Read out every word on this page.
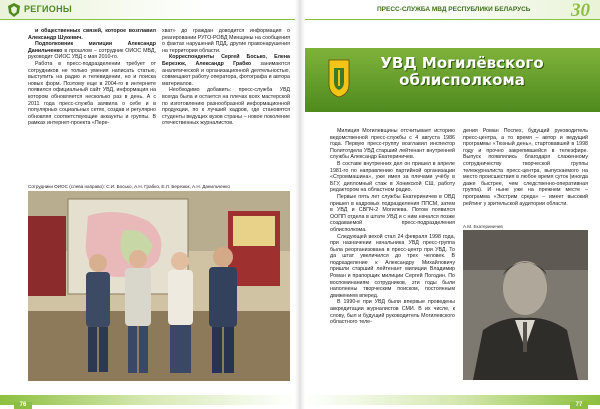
РЕГИОНЫ

и общественных связей, которое возглавил Александр Шукевич.

Подполковник милиции Александр Данильченко в прошлом – сотрудник ОИОС МВД, руководит ОИОС УВД с мая 2010-го.

Работа в пресс-подразделении требует от сотрудников не только умения написать статью, выступить на радио и телевидении, но и поиска новых форм. Поэтому еще в 2004-го в интернете появился официальный сайт УВД, информация на котором обновляется несколько раз в день. А с 2011 года пресс-служба заявила о себе и в популярных социальных сетях, создав и регулярно обновляя соответствующие аккаунты и группы. В рамках интернет-проекта «Пере-

хват» до граждан доводится информация о реагировании РУГО-РОВД Минщины на сообщения о фактах нарушений ПДД, другие правонарушения на территории области.

Корреспонденты Сергей Босько, Елена Березюк, Александр Грабко занимаются аналитической и организационной деятельностью, совмещают работу оператора, фотографа и автора материалов.

Необходимо добавить: пресс-служба УВД всегда была и остается на плечах всех мастерской по изготовлению разнообразной информационной продукции, по к лучший кадров, где становятся студенты ведущих вузов страны – новое поколение отечественных журналистов.

Сотрудники ОИОС (слева направо): С.И. Босько, А.Н. Грабко, Е.Л. Березюк, А.Н. Данильченко
76
ПРЕСС-СЛУЖБА МВД РЕСПУБЛИКИ БЕЛАРУСЬ 30
УВД Могилёвского
облисполкома

Милиция Могилевщины отсчитывает историю ведомственной пресс-службы с 4 августа 1986 года. Первую пресс-группу возглавил инспектор Политотдела УВД старший лейтенант внутренней службы Александр Екатериничев.

В составе внутренних дел он пришел в апреле 1981-го по направлению партийной организации «Строммашина», уже имея за плечами учёбу в БГУ, дипломный стаж в Хоникской СШ, работу редактором на областном радио.

Первые пять лет службы Екатериничев в ОВД пришел в кадровых подразделения ППСМ, затем в УВД и СВПЧ-2 Могилева. Потом появился ООПП отдела в штате УВД и с ним начался позже создаваемой пресс-подразделения облисполкома.

Следующей вехой стал 24 февраля 1998 года, при назначении начальника УВД пресс-группа была реорганизована в пресс-центр при УВД. То да штат увеличился до трех человек. В подразделение к Александру Михайловичу пришли старший лейтенант милиции Владимир Роман и прапорщик милиции Сергей Погодин. По воспоминаниям сотрудников, эти годы были наполнены творческим поиском, постоянным движением вперед.

В 1990-е при УВД были впервые проведены аккредитации журналистов СМИ. В их числе, к слову, был и будущий руководитель Могилевского областного теле-

дения Роман Поспех, будущий руководитель пресс-центра, а то время – автор и ведущий программы «Тюзный день», стартовавшей в 1998 году и прочно закрепившейся в телеэфире. Выпуск появлялись благодаря слаженному сотрудничеству творческой группы тележурналиста пресс-центра, выпускаемого на место происшествия в любое время суток (иногда даже быстрее, чем следственно-оперативная группа). И ныне уже на прежнем месте – программа «Экстрим среда» – имеет высокий рейтинг у зрительской аудитории области.

А.М. Екатериничев
77
